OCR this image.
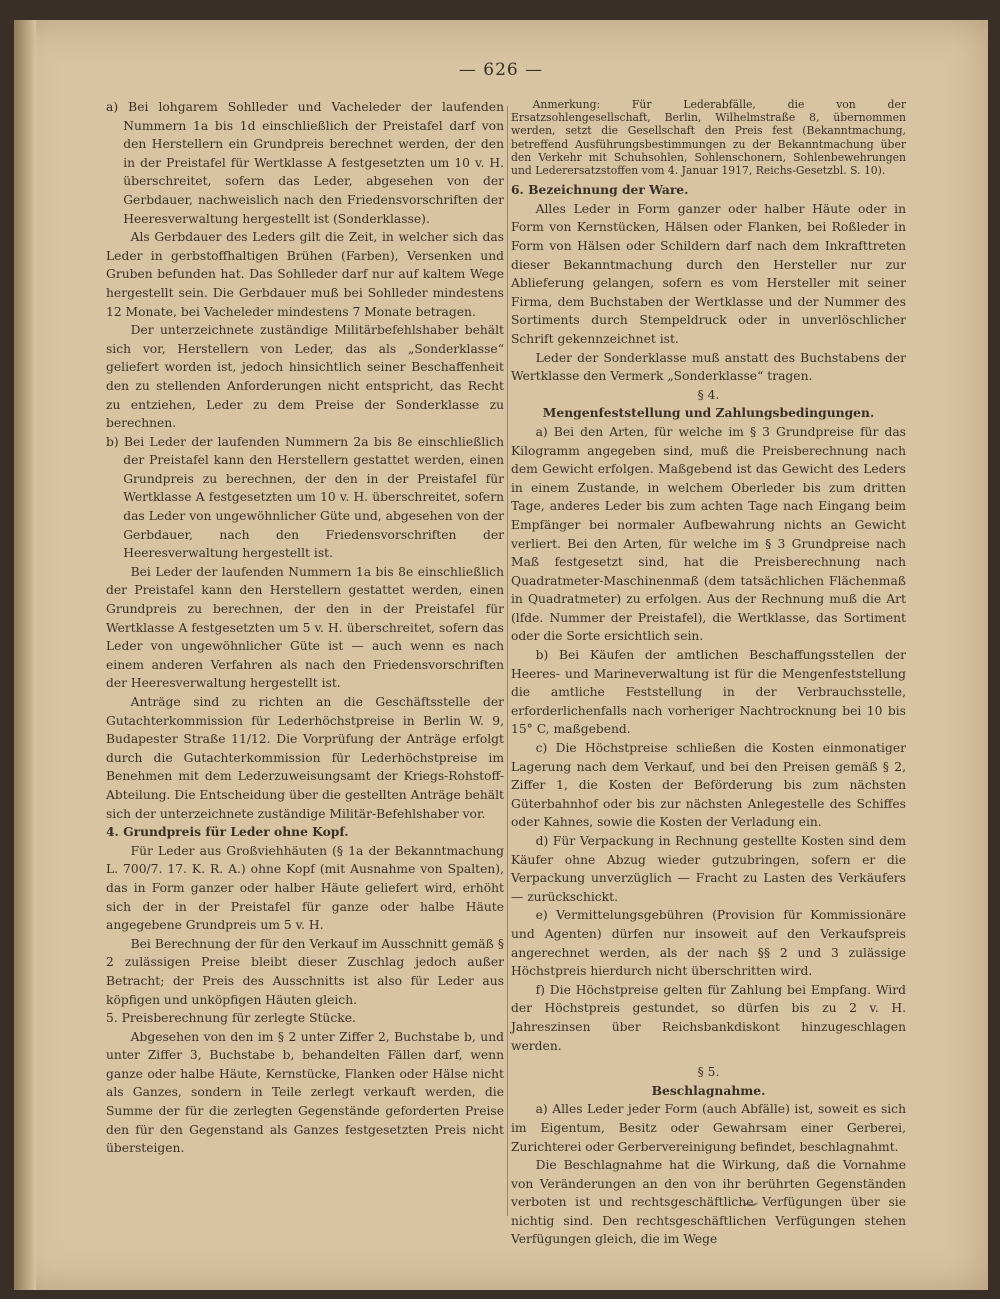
— 626 —

a) Bei lohgarem Sohlleder und Vacheleder der laufenden Nummern 1a bis 1d einschließlich der Preistafel darf von den Herstellern ein Grundpreis berechnet werden, der den in der Preistafel für Wertklasse A festgesetzten um 10 v. H. überschreitet, sofern das Leder, abgesehen von der Gerbdauer, nachweislich nach den Friedensvorschriften der Heeresverwaltung hergestellt ist (Sonderklasse).

Als Gerbdauer des Leders gilt die Zeit, in welcher sich das Leder in gerbstoffhaltigen Brühen (Farben), Versenken und Gruben befunden hat. Das Sohlleder darf nur auf kaltem Wege hergestellt sein. Die Gerbdauer muß bei Sohlleder mindestens 12 Monate, bei Vacheleder mindestens 7 Monate betragen.

Der unterzeichnete zuständige Militärbefehlshaber behält sich vor, Herstellern von Leder, das als „Sonderklasse“ geliefert worden ist, jedoch hinsichtlich seiner Beschaffenheit den zu stellenden Anforderungen nicht entspricht, das Recht zu entziehen, Leder zu dem Preise der Sonderklasse zu berechnen.

b) Bei Leder der laufenden Nummern 2a bis 8e einschließlich der Preistafel kann den Herstellern gestattet werden, einen Grundpreis zu berechnen, der den in der Preistafel für Wertklasse A festgesetzten um 10 v. H. überschreitet, sofern das Leder von ungewöhnlicher Güte und, abgesehen von der Gerbdauer, nach den Friedensvorschriften der Heeresverwaltung hergestellt ist.

Bei Leder der laufenden Nummern 1a bis 8e einschließlich der Preistafel kann den Herstellern gestattet werden, einen Grundpreis zu berechnen, der den in der Preistafel für Wertklasse A festgesetzten um 5 v. H. überschreitet, sofern das Leder von ungewöhnlicher Güte ist — auch wenn es nach einem anderen Verfahren als nach den Friedensvorschriften der Heeresverwaltung hergestellt ist.

Anträge sind zu richten an die Geschäftsstelle der Gutachterkommission für Lederhöchstpreise in Berlin W. 9, Budapester Straße 11/12. Die Vorprüfung der Anträge erfolgt durch die Gutachterkommission für Lederhöchstpreise im Benehmen mit dem Lederzuweisungsamt der Kriegs-Rohstoff-Abteilung. Die Entscheidung über die gestellten Anträge behält sich der unterzeichnete zuständige Militär-Befehlshaber vor.

4. Grundpreis für Leder ohne Kopf.

Für Leder aus Großviehhäuten (§ 1a der Bekanntmachung L. 700/7. 17. K. R. A.) ohne Kopf (mit Ausnahme von Spalten), das in Form ganzer oder halber Häute geliefert wird, erhöht sich der in der Preistafel für ganze oder halbe Häute angegebene Grundpreis um 5 v. H.

Bei Berechnung der für den Verkauf im Ausschnitt gemäß § 2 zulässigen Preise bleibt dieser Zuschlag jedoch außer Betracht; der Preis des Ausschnitts ist also für Leder aus köpfigen und unköpfigen Häuten gleich.

5. Preisberechnung für zerlegte Stücke.

Abgesehen von den im § 2 unter Ziffer 2, Buchstabe b, und unter Ziffer 3, Buchstabe b, behandelten Fällen darf, wenn ganze oder halbe Häute, Kernstücke, Flanken oder Hälse nicht als Ganzes, sondern in Teile zerlegt verkauft werden, die Summe der für die zerlegten Gegenstände geforderten Preise den für den Gegenstand als Ganzes festgesetzten Preis nicht übersteigen.

Anmerkung: Für Lederabfälle, die von der Ersatzsohlengesellschaft, Berlin, Wilhelmstraße 8, übernommen werden, setzt die Gesellschaft den Preis fest (Bekanntmachung, betreffend Ausführungsbestimmungen zu der Bekanntmachung über den Verkehr mit Schuhsohlen, Sohlenschonern, Sohlenbewehrungen und Lederersatzstoffen vom 4. Januar 1917, Reichs-Gesetzbl. S. 10).

6. Bezeichnung der Ware.

Alles Leder in Form ganzer oder halber Häute oder in Form von Kernstücken, Hälsen oder Flanken, bei Roßleder in Form von Hälsen oder Schildern darf nach dem Inkrafttreten dieser Bekanntmachung durch den Hersteller nur zur Ablieferung gelangen, sofern es vom Hersteller mit seiner Firma, dem Buchstaben der Wertklasse und der Nummer des Sortiments durch Stempeldruck oder in unverlöschlicher Schrift gekennzeichnet ist.

Leder der Sonderklasse muß anstatt des Buchstabens der Wertklasse den Vermerk „Sonderklasse“ tragen.

§ 4.

Mengenfeststellung und Zahlungsbedingungen.

a) Bei den Arten, für welche im § 3 Grundpreise für das Kilogramm angegeben sind, muß die Preisberechnung nach dem Gewicht erfolgen. Maßgebend ist das Gewicht des Leders in einem Zustande, in welchem Oberleder bis zum dritten Tage, anderes Leder bis zum achten Tage nach Eingang beim Empfänger bei normaler Aufbewahrung nichts an Gewicht verliert. Bei den Arten, für welche im § 3 Grundpreise nach Maß festgesetzt sind, hat die Preisberechnung nach Quadratmeter-Maschinenmaß (dem tatsächlichen Flächenmaß in Quadratmeter) zu erfolgen. Aus der Rechnung muß die Art (lfde. Nummer der Preistafel), die Wertklasse, das Sortiment oder die Sorte ersichtlich sein.

b) Bei Käufen der amtlichen Beschaffungsstellen der Heeres- und Marineverwaltung ist für die Mengenfeststellung die amtliche Feststellung in der Verbrauchsstelle, erforderlichenfalls nach vorheriger Nachtrocknung bei 10 bis 15° C, maßgebend.

c) Die Höchstpreise schließen die Kosten einmonatiger Lagerung nach dem Verkauf, und bei den Preisen gemäß § 2, Ziffer 1, die Kosten der Beförderung bis zum nächsten Güterbahnhof oder bis zur nächsten Anlegestelle des Schiffes oder Kahnes, sowie die Kosten der Verladung ein.

d) Für Verpackung in Rechnung gestellte Kosten sind dem Käufer ohne Abzug wieder gutzubringen, sofern er die Verpackung unverzüglich — Fracht zu Lasten des Verkäufers — zurückschickt.

e) Vermittelungsgebühren (Provision für Kommissionäre und Agenten) dürfen nur insoweit auf den Verkaufspreis angerechnet werden, als der nach §§ 2 und 3 zulässige Höchstpreis hierdurch nicht überschritten wird.

f) Die Höchstpreise gelten für Zahlung bei Empfang. Wird der Höchstpreis gestundet, so dürfen bis zu 2 v. H. Jahreszinsen über Reichsbankdiskont hinzugeschlagen werden.

§ 5.

Beschlagnahme.

a) Alles Leder jeder Form (auch Abfälle) ist, soweit es sich im Eigentum, Besitz oder Gewahrsam einer Gerberei, Zurichterei oder Gerbervereinigung befindet, beschlagnahmt.

Die Beschlagnahme hat die Wirkung, daß die Vornahme von Veränderungen an den von ihr berührten Gegenständen verboten ist und rechtsgeschäftliche Verfügungen über sie nichtig sind. Den rechtsgeschäftlichen Verfügungen stehen Verfügungen gleich, die im Wege
